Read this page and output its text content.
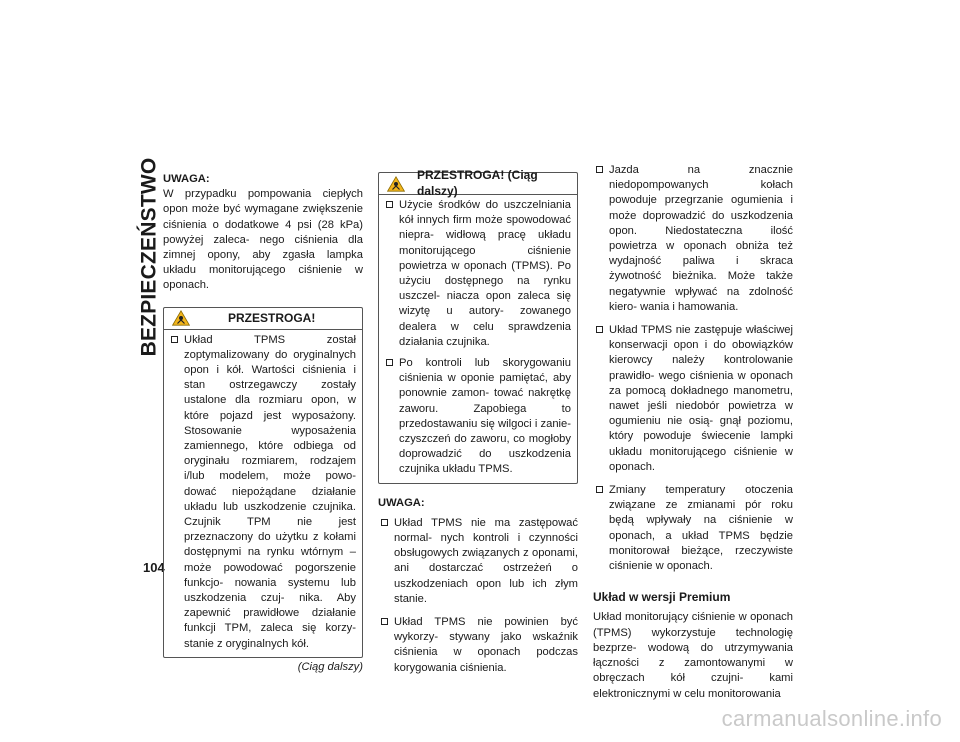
BEZPIECZEŃSTWO
104
UWAGA:

W przypadku pompowania ciepłych opon może być wymagane zwiększenie ciśnienia o dodatkowe 4 psi (28 kPa) powyżej zaleca- nego ciśnienia dla zimnej opony, aby zgasła lampka układu monitorującego ciśnienie w oponach.

PRZESTROGA!
Układ TPMS został zoptymalizowany do oryginalnych opon i kół. Wartości ciśnienia i stan ostrzegawczy zostały ustalone dla rozmiaru opon, w które pojazd jest wyposażony. Stosowanie wyposażenia zamiennego, które odbiega od oryginału rozmiarem, rodzajem i/lub modelem, może powo- dować niepożądane działanie układu lub uszkodzenie czujnika. Czujnik TPM nie jest przeznaczony do użytku z kołami dostępnymi na rynku wtórnym – może powodować pogorszenie funkcjo- nowania systemu lub uszkodzenia czuj- nika. Aby zapewnić prawidłowe działanie funkcji TPM, zaleca się korzy- stanie z oryginalnych kół.
(Ciąg dalszy)
PRZESTROGA! (Ciąg dalszy)
Użycie środków do uszczelniania kół innych firm może spowodować niepra- widłową pracę układu monitorującego ciśnienie powietrza w oponach (TPMS). Po użyciu dostępnego na rynku uszczel- niacza opon zaleca się wizytę u autory- zowanego dealera w celu sprawdzenia działania czujnika.
Po kontroli lub skorygowaniu ciśnienia w oponie pamiętać, aby ponownie zamon- tować nakrętkę zaworu. Zapobiega to przedostawaniu się wilgoci i zanie- czyszczeń do zaworu, co mogłoby doprowadzić do uszkodzenia czujnika układu TPMS.
UWAGA:
Układ TPMS nie ma zastępować normal- nych kontroli i czynności obsługowych związanych z oponami, ani dostarczać ostrzeżeń o uszkodzeniach opon lub ich złym stanie.
Układ TPMS nie powinien być wykorzy- stywany jako wskaźnik ciśnienia w oponach podczas korygowania ciśnienia.
Jazda na znacznie niedopompowanych kołach powoduje przegrzanie ogumienia i może doprowadzić do uszkodzenia opon. Niedostateczna ilość powietrza w oponach obniża też wydajność paliwa i skraca żywotność bieżnika. Może także negatywnie wpływać na zdolność kiero- wania i hamowania.
Układ TPMS nie zastępuje właściwej konserwacji opon i do obowiązków kierowcy należy kontrolowanie prawidło- wego ciśnienia w oponach za pomocą dokładnego manometru, nawet jeśli niedobór powietrza w ogumieniu nie osią- gnął poziomu, który powoduje świecenie lampki układu monitorującego ciśnienie w oponach.
Zmiany temperatury otoczenia związane ze zmianami pór roku będą wpływały na ciśnienie w oponach, a układ TPMS będzie monitorował bieżące, rzeczywiste ciśnienie w oponach.
Układ w wersji Premium

Układ monitorujący ciśnienie w oponach (TPMS) wykorzystuje technologię bezprze- wodową do utrzymywania łączności z zamontowanymi w obręczach kół czujni- kami elektronicznymi w celu monitorowania

carmanualsonline.info
